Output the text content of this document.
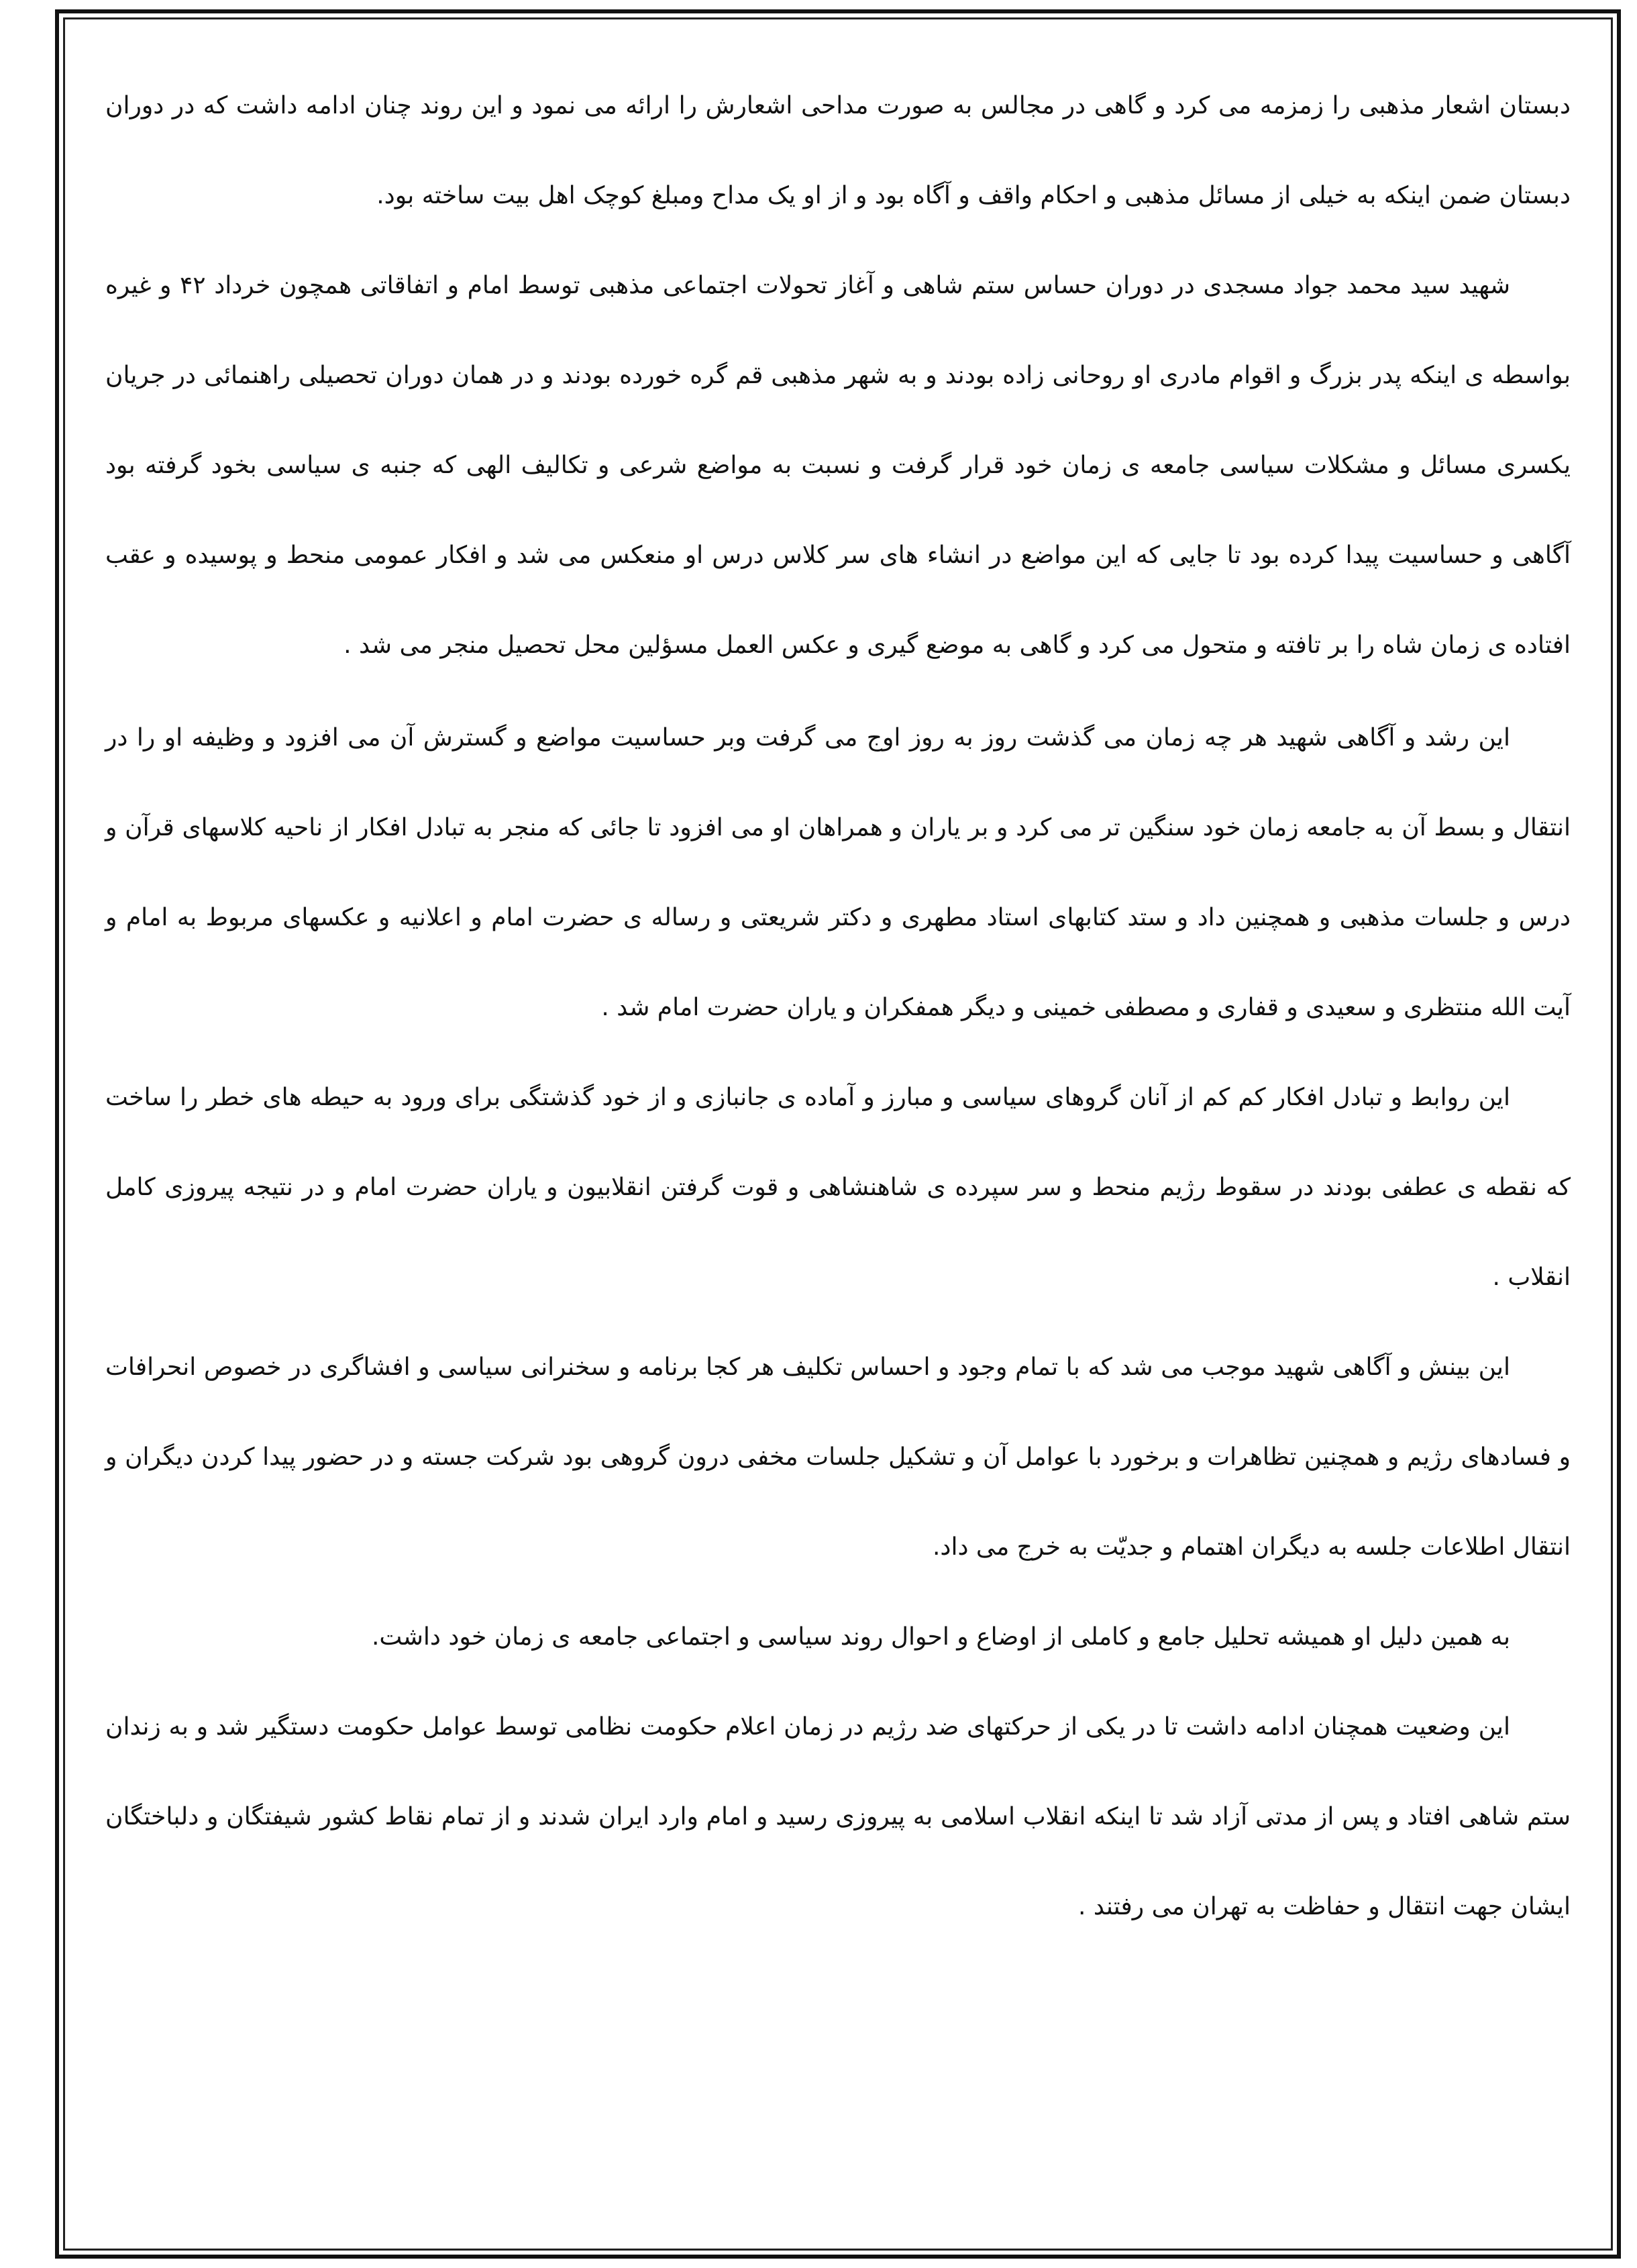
دبستان اشعار مذهبی را زمزمه می کرد و گاهی در مجالس به صورت مداحی اشعارش را ارائه می نمود و این روند چنان ادامه داشت که در دوران دبستان ضمن اینکه به خیلی از مسائل مذهبی و احکام واقف و آگاه بود و از او یک مداح ومبلغ کوچک اهل بیت ساخته بود.

شهید سید محمد جواد مسجدی در دوران حساس ستم شاهی و آغاز تحولات اجتماعی مذهبی توسط امام و اتفاقاتی همچون خرداد ۴۲ و غیره بواسطه ی اینکه پدر بزرگ و اقوام مادری او روحانی زاده بودند و به شهر مذهبی قم گره خورده بودند و در همان دوران تحصیلی راهنمائی در جریان یکسری مسائل و مشکلات سیاسی جامعه ی زمان خود قرار گرفت و نسبت به مواضع شرعی و تکالیف الهی که جنبه ی سیاسی بخود گرفته بود آگاهی و حساسیت پیدا کرده بود تا جایی که این مواضع در انشاء های سر کلاس درس او منعکس می شد و افکار عمومی منحط و پوسیده و عقب افتاده ی زمان شاه را بر تافته و متحول می کرد و گاهی به موضع گیری و عکس العمل مسؤلین محل تحصیل منجر می شد .

این رشد و آگاهی شهید هر چه زمان می گذشت روز به روز اوج می گرفت وبر حساسیت مواضع و گسترش آن می افزود و وظیفه او را در انتقال و بسط آن به جامعه زمان خود سنگین تر می کرد و بر یاران و همراهان او می افزود تا جائی که منجر به تبادل افکار از ناحیه کلاسهای قرآن و درس و جلسات مذهبی و همچنین داد و ستد کتابهای استاد مطهری و دکتر شریعتی و رساله ی حضرت امام و اعلانیه و عکسهای مربوط به امام و آیت الله منتظری و سعیدی و قفاری و مصطفی خمینی و دیگر همفکران و یاران حضرت امام شد .

این روابط و تبادل افکار کم کم از آنان گروهای سیاسی و مبارز و آماده ی جانبازی و از خود گذشتگی برای ورود به حیطه های خطر را ساخت که نقطه ی عطفی بودند در سقوط رژیم منحط و سر سپرده ی شاهنشاهی و قوت گرفتن انقلابیون و یاران حضرت امام و در نتیجه پیروزی کامل انقلاب .

این بینش و آگاهی شهید موجب می شد که با تمام وجود و احساس تکلیف هر کجا برنامه و سخنرانی سیاسی و افشاگری در خصوص انحرافات و فسادهای رژیم و همچنین تظاهرات و برخورد با عوامل آن و تشکیل جلسات مخفی درون گروهی بود شرکت جسته و در حضور پیدا کردن دیگران و انتقال اطلاعات جلسه به دیگران اهتمام و جدیّت به خرج می داد.

به همین دلیل او همیشه تحلیل جامع و کاملی از اوضاع و احوال روند سیاسی و اجتماعی جامعه ی زمان خود داشت.

این وضعیت همچنان ادامه داشت تا در یکی از حرکتهای ضد رژیم در زمان اعلام حکومت نظامی توسط عوامل حکومت دستگیر شد و به زندان ستم شاهی افتاد و پس از مدتی آزاد شد تا اینکه انقلاب اسلامی به پیروزی رسید و امام وارد ایران شدند و از تمام نقاط کشور شیفتگان و دلباختگان ایشان جهت انتقال و حفاظت به تهران می رفتند .
